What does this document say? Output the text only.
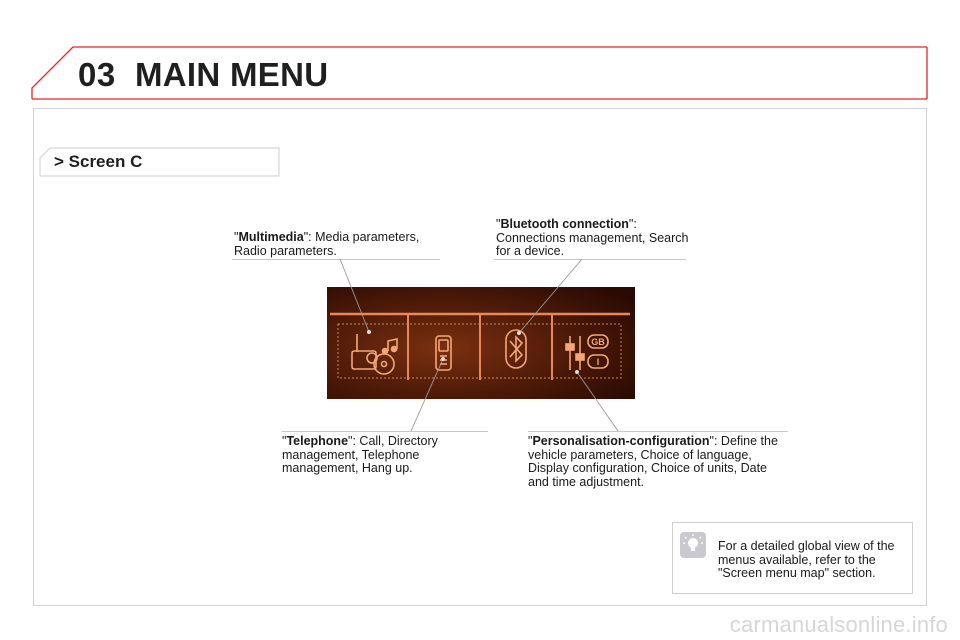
03 MAIN MENU
> Screen C
"Multimedia": Media parameters, Radio parameters.
"Bluetooth connection": Connections management, Search for a device.
"Telephone": Call, Directory management, Telephone management, Hang up.
"Personalisation-configuration": Define the vehicle parameters, Choice of language, Display configuration, Choice of units, Date and time adjustment.
GB
I
For a detailed global view of the menus available, refer to the "Screen menu map" section.
carmanualsonline.info
